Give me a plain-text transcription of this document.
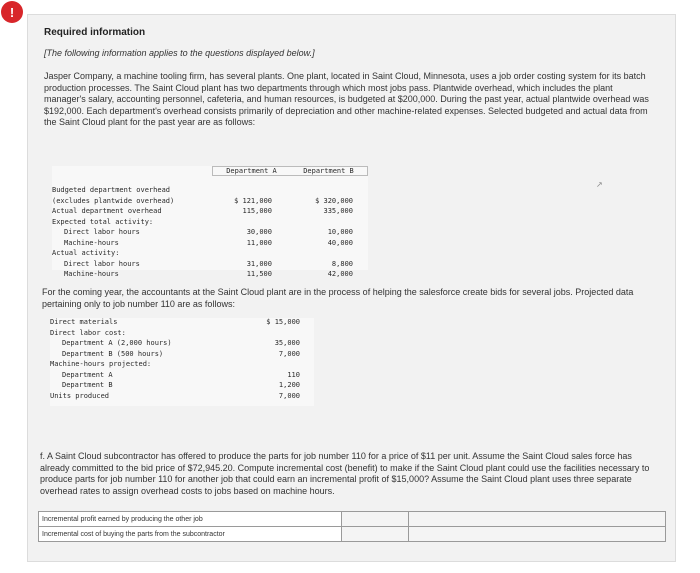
!
Required information
[The following information applies to the questions displayed below.]

Jasper Company, a machine tooling firm, has several plants. One plant, located in Saint Cloud, Minnesota, uses a job order costing system for its batch production processes. The Saint Cloud plant has two departments through which most jobs pass. Plantwide overhead, which includes the plant manager's salary, accounting personnel, cafeteria, and human resources, is budgeted at $200,000. During the past year, actual plantwide overhead was $192,000. Each department's overhead consists primarily of depreciation and other machine-related expenses. Selected budgeted and actual data from the Saint Cloud plant for the past year are as follows:

Department A	Department B
Budgeted department overhead
(excludes plantwide overhead)	$ 121,000	$ 320,000
Actual department overhead	115,000	335,000
Expected total activity:
Direct labor hours	30,000	10,000
Machine-hours	11,000	40,000
Actual activity:
Direct labor hours	31,000	8,800
Machine-hours	11,500	42,000

For the coming year, the accountants at the Saint Cloud plant are in the process of helping the salesforce create bids for several jobs. Projected data pertaining only to job number 110 are as follows:

Direct materials	$ 15,000
Direct labor cost:
Department A (2,000 hours)	35,000
Department B (500 hours)	7,000
Machine-hours projected:
Department A	110
Department B	1,200
Units produced	7,000

f. A Saint Cloud subcontractor has offered to produce the parts for job number 110 for a price of $11 per unit. Assume the Saint Cloud sales force has already committed to the bid price of $72,945.20. Compute incremental cost (benefit) to make if the Saint Cloud plant could use the facilities necessary to produce parts for job number 110 for another job that could earn an incremental profit of $15,000? Assume the Saint Cloud plant uses three separate overhead rates to assign overhead costs to jobs based on machine hours.

Incremental profit earned by producing the other job		
Incremental cost of buying the parts from the subcontractor		
↗
